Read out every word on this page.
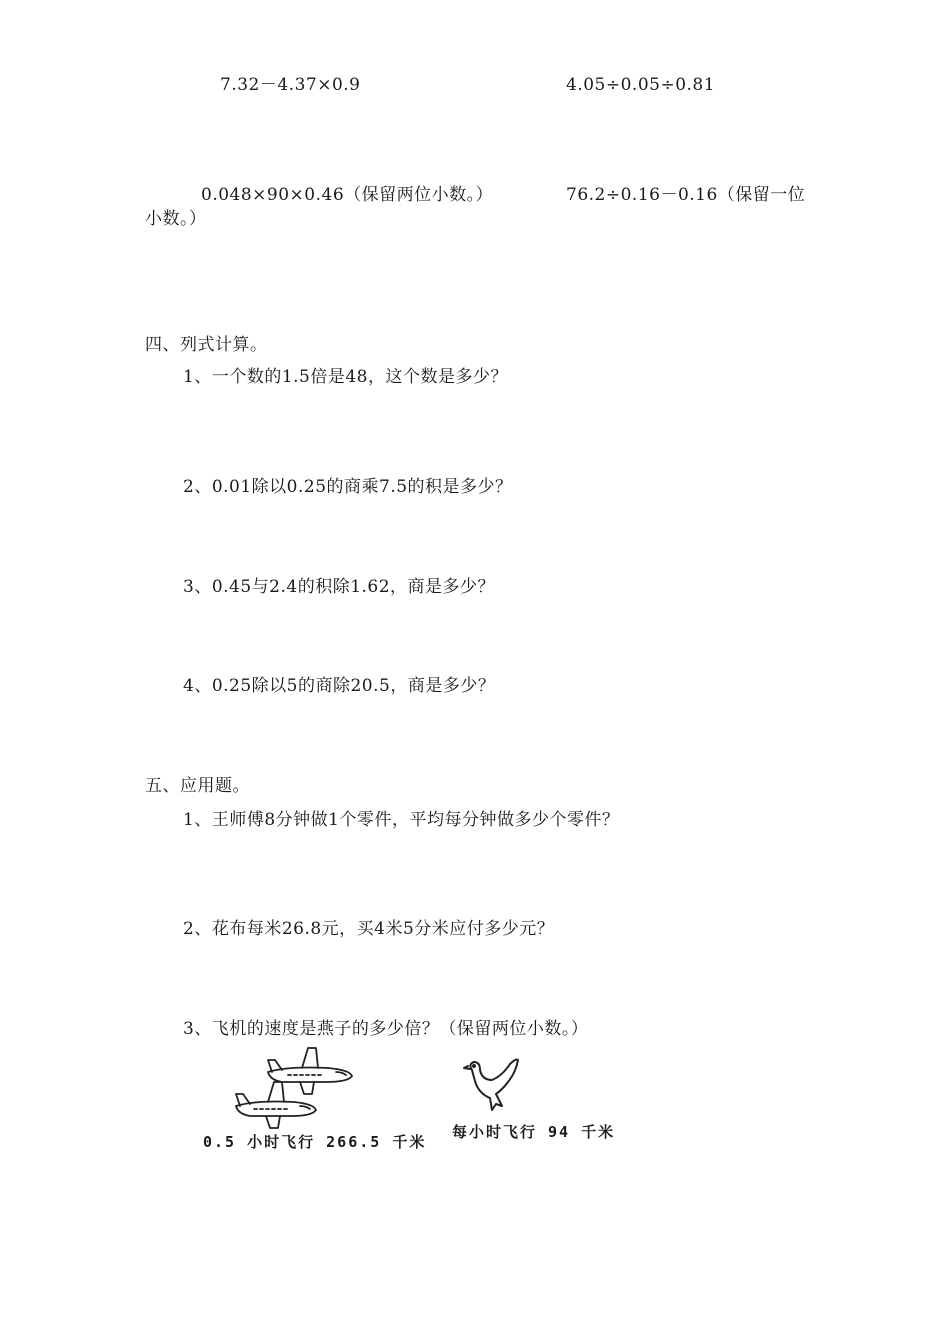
7.32－4.37×0.9	4.05÷0.05÷0.81
0.048×90×0.46（保留两位小数。）	76.2÷0.16－0.16（保留一位
小数。）
四、列式计算。
1、一个数的1.5倍是48，这个数是多少？
2、0.01除以0.25的商乘7.5的积是多少？
3、0.45与2.4的积除1.62，商是多少？
4、0.25除以5的商除20.5，商是多少？
五、应用题。
1、王师傅8分钟做1个零件，平均每分钟做多少个零件？
2、花布每米26.8元，买4米5分米应付多少元？
3、飞机的速度是燕子的多少倍？（保留两位小数。）
0.5 小时飞行 266.5 千米
每小时飞行 94 千米
